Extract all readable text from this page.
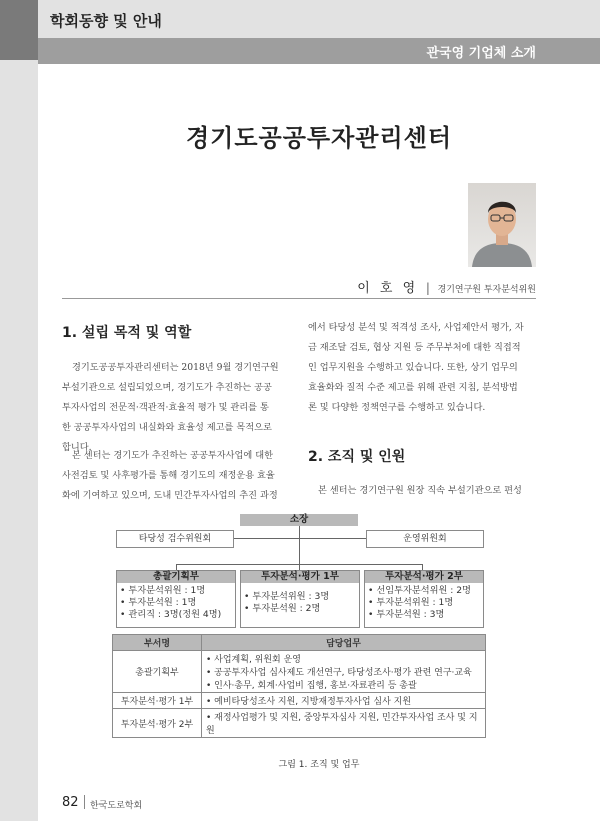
학회동향 및 안내
관국영 기업체 소개
경기도공공투자관리센터
이 호 영  |  경기연구원 투자분석위원
1. 설립 목적 및 역할
경기도공공투자관리센터는 2018년 9월 경기연구원
부설기관으로 설립되었으며, 경기도가 추진하는 공공
투자사업의 전문적·객관적·효율적 평가 및 관리를 통
한 공공투자사업의 내실화와 효율성 제고를 목적으로
합니다.
본 센터는 경기도가 추진하는 공공투자사업에 대한
사전검토 및 사후평가를 통해 경기도의 재정운용 효율
화에 기여하고 있으며, 도내 민간투자사업의 추진 과정
에서 타당성 분석 및 적격성 조사, 사업제안서 평가, 자
금 재조달 검토, 협상 지원 등 주무부처에 대한 직접적
인 업무지원을 수행하고 있습니다. 또한, 상기 업무의
효율화와 질적 수준 제고를 위해 관련 지침, 분석방법
론 및 다양한 정책연구를 수행하고 있습니다.
2. 조직 및 인원
본 센터는 경기연구원 원장 직속 부설기관으로 편성
소장
타당성 검수위원회	운영위원회
총괄기획부
• 투자분석위원 : 1명
• 투자분석원 : 1명
• 관리직 : 3명(정원 4명)
투자분석·평가 1부
• 투자분석위원 : 3명
• 투자분석원 : 2명
투자분석·평가 2부
• 선임투자분석위원 : 2명
• 투자분석위원 : 1명
• 투자분석원 : 3명
부서명	담당업무
총괄기획부	• 사업계획, 위원회 운영
• 공공투자사업 심사제도 개선연구, 타당성조사·평가 관련 연구·교육
• 인사·총무, 회계·사업비 집행, 홍보·자료관리 등 총괄

투자분석·평가 1부	• 예비타당성조사 지원, 지방재정투자사업 심사 지원

투자분석·평가 2부	• 재정사업평가 및 지원, 중앙투자심사 지원, 민간투자사업 조사 및 지원
그림 1. 조직 및 업무
82 한국도로학회
